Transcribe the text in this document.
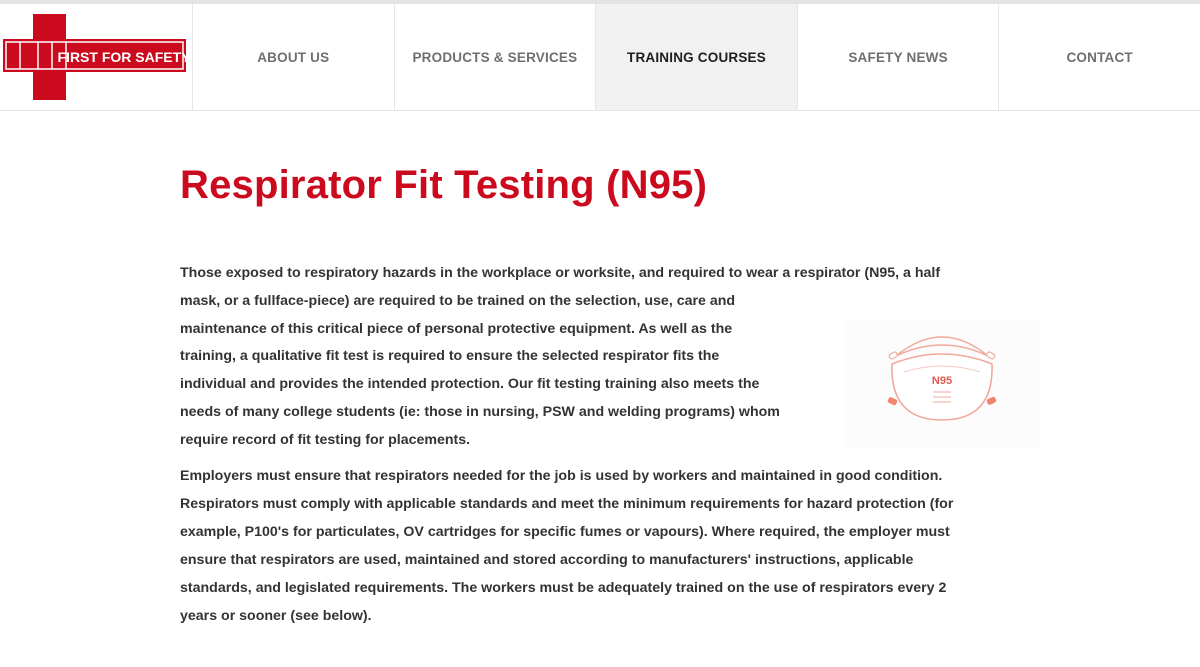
FIRST FOR SAFETY	ABOUT US	PRODUCTS & SERVICES	TRAINING COURSES	SAFETY NEWS	CONTACT
Respirator Fit Testing (N95)
Those exposed to respiratory hazards in the workplace or worksite, and required to wear a respirator (N95, a half
mask, or a fullface-piece) are required to be trained on the selection, use, care and
maintenance of this critical piece of personal protective equipment. As well as the
training, a qualitative fit test is required to ensure the selected respirator fits the
individual and provides the intended protection. Our fit testing training also meets the
needs of many college students (ie: those in nursing, PSW and welding programs) whom
require record of fit testing for placements.
N95
Employers must ensure that respirators needed for the job is used by workers and maintained in good condition.
Respirators must comply with applicable standards and meet the minimum requirements for hazard protection (for
example, P100's for particulates, OV cartridges for specific fumes or vapours). Where required, the employer must
ensure that respirators are used, maintained and stored according to manufacturers' instructions, applicable
standards, and legislated requirements. The workers must be adequately trained on the use of respirators every 2
years or sooner (see below).
